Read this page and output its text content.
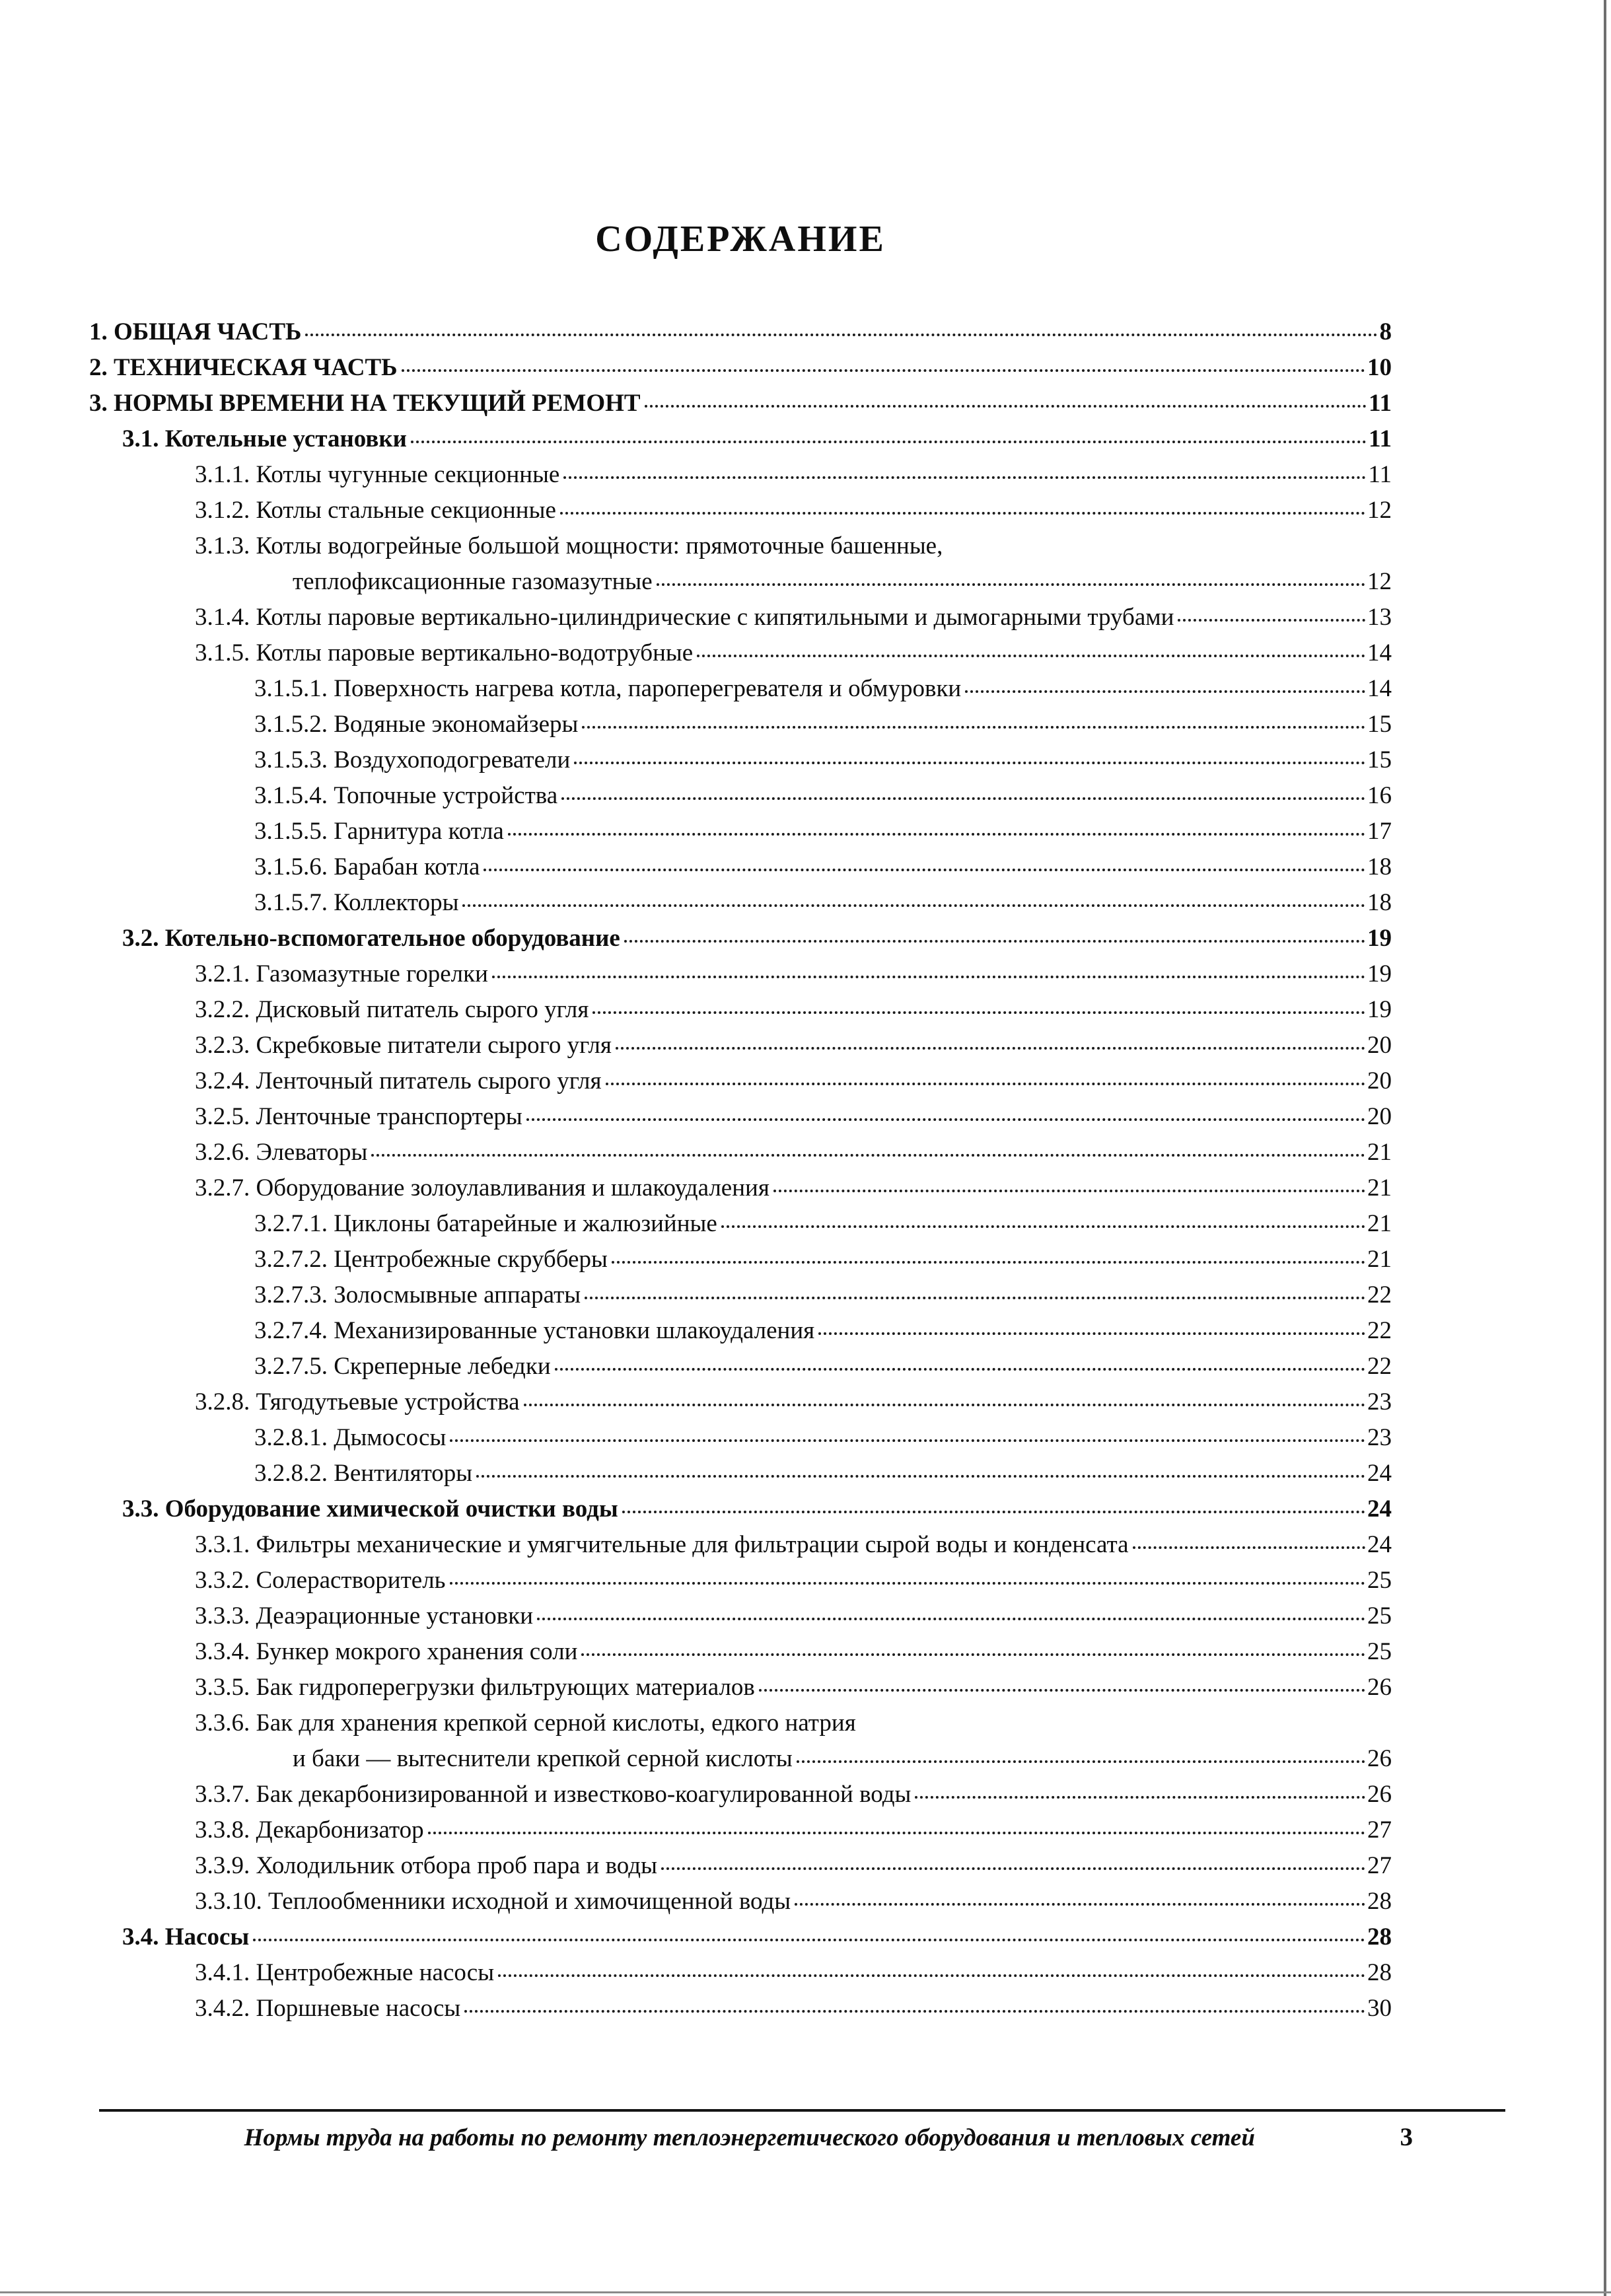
СОДЕРЖАНИЕ
1. ОБЩАЯ ЧАСТЬ	8
2. ТЕХНИЧЕСКАЯ ЧАСТЬ	10
3. НОРМЫ ВРЕМЕНИ НА ТЕКУЩИЙ РЕМОНТ	11
3.1. Котельные установки	11
3.1.1. Котлы чугунные секционные	11
3.1.2. Котлы стальные секционные	12
3.1.3. Котлы водогрейные большой мощности: прямоточные башенные,
теплофиксационные газомазутные	12
3.1.4. Котлы паровые вертикально-цилиндрические с кипятильными и дымогарными трубами	13
3.1.5. Котлы паровые вертикально-водотрубные	14
3.1.5.1. Поверхность нагрева котла, пароперегревателя и обмуровки	14
3.1.5.2. Водяные экономайзеры	15
3.1.5.3. Воздухоподогреватели	15
3.1.5.4. Топочные устройства	16
3.1.5.5. Гарнитура котла	17
3.1.5.6. Барабан котла	18
3.1.5.7. Коллекторы	18
3.2. Котельно-вспомогательное оборудование	19
3.2.1. Газомазутные горелки	19
3.2.2. Дисковый питатель сырого угля	19
3.2.3. Скребковые питатели сырого угля	20
3.2.4. Ленточный питатель сырого угля	20
3.2.5. Ленточные транспортеры	20
3.2.6. Элеваторы	21
3.2.7. Оборудование золоулавливания и шлакоудаления	21
3.2.7.1. Циклоны батарейные и жалюзийные	21
3.2.7.2. Центробежные скрубберы	21
3.2.7.3. Золосмывные аппараты	22
3.2.7.4. Механизированные установки шлакоудаления	22
3.2.7.5. Скреперные лебедки	22
3.2.8. Тягодутьевые устройства	23
3.2.8.1. Дымососы	23
3.2.8.2. Вентиляторы	24
3.3. Оборудование химической очистки воды	24
3.3.1. Фильтры механические и умягчительные для фильтрации сырой воды и конденсата	24
3.3.2. Солерастворитель	25
3.3.3. Деаэрационные установки	25
3.3.4. Бункер мокрого хранения соли	25
3.3.5. Бак гидроперегрузки фильтрующих материалов	26
3.3.6. Бак для хранения крепкой серной кислоты, едкого натрия
и баки — вытеснители крепкой серной кислоты	26
3.3.7. Бак декарбонизированной и известково-коагулированной воды	26
3.3.8. Декарбонизатор	27
3.3.9. Холодильник отбора проб пара и воды	27
3.3.10. Теплообменники исходной и химочищенной воды	28
3.4. Насосы	28
3.4.1. Центробежные насосы	28
3.4.2. Поршневые насосы	30
Нормы труда на работы по ремонту теплоэнергетического оборудования и тепловых сетей	3
